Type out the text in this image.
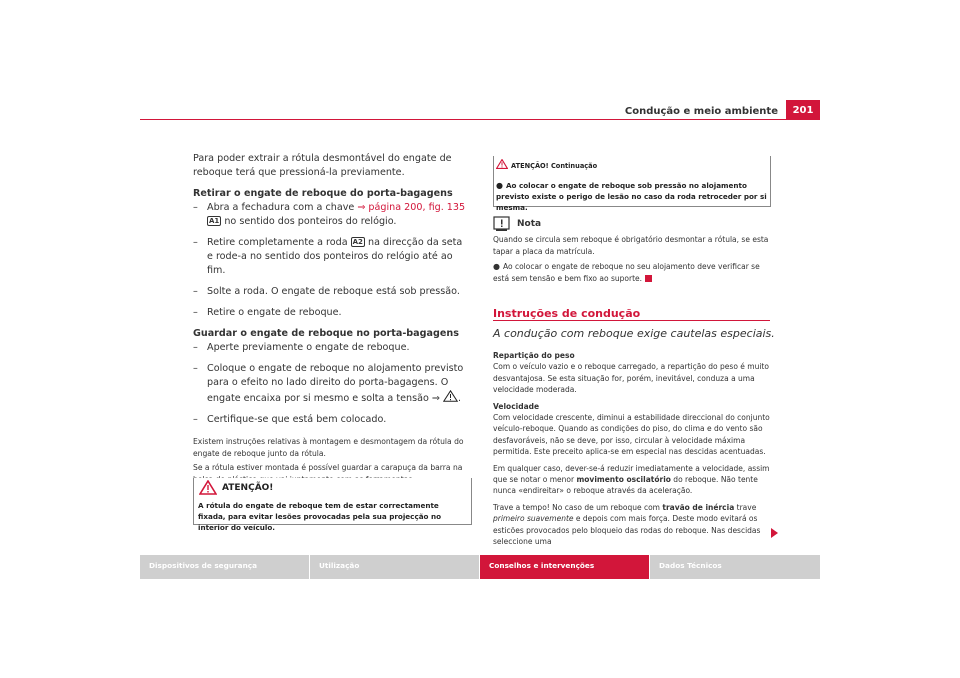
Condução e meio ambiente	201

Para poder extrair a rótula desmontável do engate de reboque terá que pressioná-la previamente.

Retirar o engate de reboque do porta-bagagens

– Abra a fechadura com a chave ⇒ página 200, fig. 135 A1 no sentido dos ponteiros do relógio.

– Retire completamente a roda A2 na direcção da seta e rode-a no sentido dos ponteiros do relógio até ao fim.

– Solte a roda. O engate de reboque está sob pressão.

– Retire o engate de reboque.

Guardar o engate de reboque no porta-bagagens

– Aperte previamente o engate de reboque.

– Coloque o engate de reboque no alojamento previsto para o efeito no lado direito do porta-bagagens. O engate encaixa por si mesmo e solta a tensão ⇒ .

– Certifique-se que está bem colocado.

Existem instruções relativas à montagem e desmontagem da rótula do engate de reboque junto da rótula.

Se a rótula estiver montada é possível guardar a carapuça da barra na

ATENÇÃO!
A rótula do engate de reboque tem de estar correctamente fixada, para evitar lesões provocadas pela sua projecção no interior do veículo.
ATENÇÃO! Continuação
● Ao colocar o engate de reboque sob pressão no alojamento previsto existe o perigo de lesão no caso da roda retroceder por si mesma.
Nota
Quando se circula sem reboque é obrigatório desmontar a rótula, se esta tapar a placa da matrícula.
● Ao colocar o engate de reboque no seu alojamento deve verificar se está sem tensão e bem fixo ao suporte.
Instruções de condução
A condução com reboque exige cautelas especiais.

Repartição do peso

Com o veículo vazio e o reboque carregado, a repartição do peso é muito desvantajosa. Se esta situação for, porém, inevitável, conduza a uma velocidade moderada.

Velocidade

Com velocidade crescente, diminui a estabilidade direccional do conjunto veículo-reboque. Quando as condições do piso, do clima e do vento são desfavoráveis, não se deve, por isso, circular à velocidade máxima permitida. Este preceito aplica-se em especial nas descidas acentuadas.

Em qualquer caso, dever-se-á reduzir imediatamente a velocidade, assim que se notar o menor movimento oscilatório do reboque. Não tente nunca «endireitar» o reboque através da aceleração.

Trave a tempo! No caso de um reboque com travão de inércia trave primeiro suavemente e depois com mais força. Deste modo evitará os esticões provocados pelo bloqueio das rodas do reboque. Nas descidas seleccione uma

Dispositivos de segurança	Utilização	Conselhos e intervenções	Dados Técnicos
